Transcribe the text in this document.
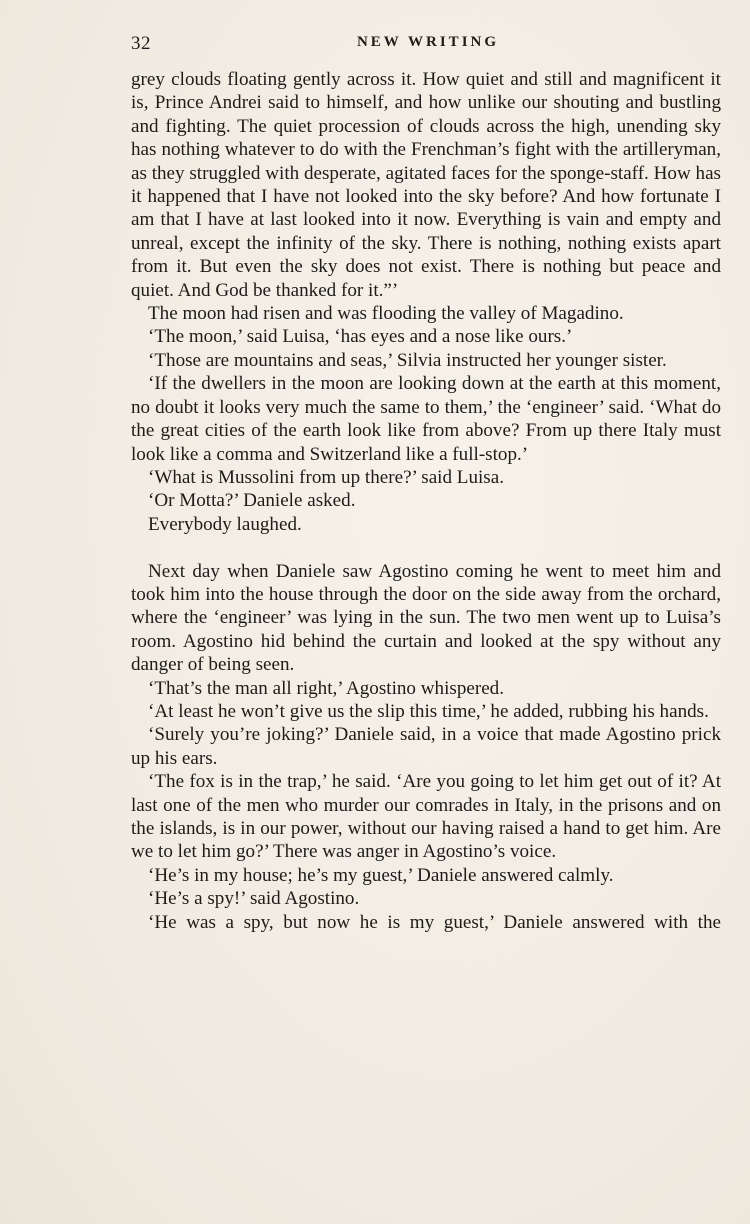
32	NEW WRITING

grey clouds floating gently across it. How quiet and still and magnificent it is, Prince Andrei said to himself, and how unlike our shouting and bustling and fighting. The quiet procession of clouds across the high, unending sky has nothing whatever to do with the Frenchman’s fight with the artilleryman, as they struggled with desperate, agitated faces for the sponge-staff. How has it happened that I have not looked into the sky before? And how fortunate I am that I have at last looked into it now. Everything is vain and empty and unreal, except the infinity of the sky. There is nothing, nothing exists apart from it. But even the sky does not exist. There is nothing but peace and quiet. And God be thanked for it.”’

The moon had risen and was flooding the valley of Magadino.

‘The moon,’ said Luisa, ‘has eyes and a nose like ours.’

‘Those are mountains and seas,’ Silvia instructed her younger sister.

‘If the dwellers in the moon are looking down at the earth at this moment, no doubt it looks very much the same to them,’ the ‘engineer’ said. ‘What do the great cities of the earth look like from above? From up there Italy must look like a comma and Switzerland like a full-stop.’

‘What is Mussolini from up there?’ said Luisa.

‘Or Motta?’ Daniele asked.

Everybody laughed.

Next day when Daniele saw Agostino coming he went to meet him and took him into the house through the door on the side away from the orchard, where the ‘engineer’ was lying in the sun. The two men went up to Luisa’s room. Agostino hid behind the curtain and looked at the spy without any danger of being seen.

‘That’s the man all right,’ Agostino whispered.

‘At least he won’t give us the slip this time,’ he added, rubbing his hands.

‘Surely you’re joking?’ Daniele said, in a voice that made Agostino prick up his ears.

‘The fox is in the trap,’ he said. ‘Are you going to let him get out of it? At last one of the men who murder our comrades in Italy, in the prisons and on the islands, is in our power, without our having raised a hand to get him. Are we to let him go?’ There was anger in Agostino’s voice.

‘He’s in my house; he’s my guest,’ Daniele answered calmly.

‘He’s a spy!’ said Agostino.

‘He was a spy, but now he is my guest,’ Daniele answered with the
